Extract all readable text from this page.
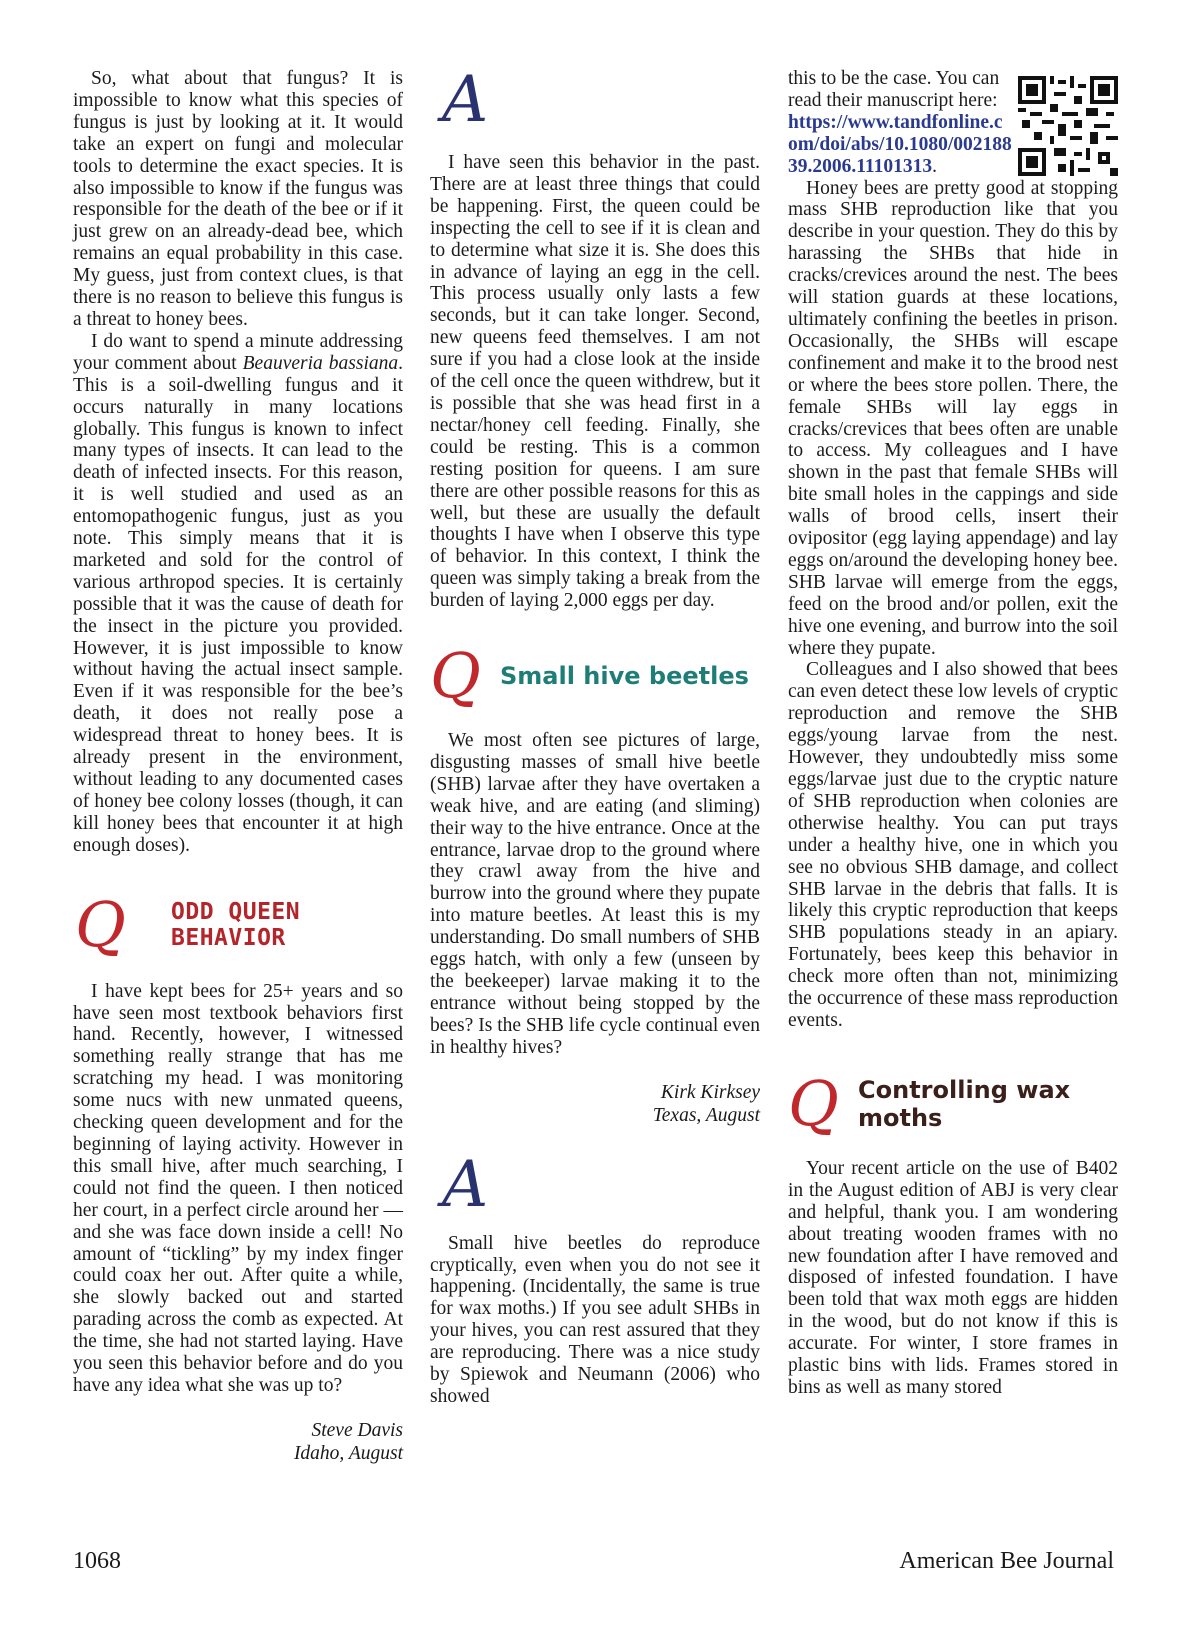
So, what about that fungus? It is impossible to know what this species of fungus is just by looking at it. It would take an expert on fungi and molecular tools to determine the exact species. It is also impossible to know if the fungus was responsible for the death of the bee or if it just grew on an already-dead bee, which remains an equal probability in this case. My guess, just from context clues, is that there is no reason to believe this fungus is a threat to honey bees.

I do want to spend a minute addressing your comment about Beauveria bassiana. This is a soil-dwelling fungus and it occurs naturally in many locations globally. This fungus is known to infect many types of insects. It can lead to the death of infected insects. For this reason, it is well studied and used as an entomopathogenic fungus, just as you note. This simply means that it is marketed and sold for the control of various arthropod species. It is certainly possible that it was the cause of death for the insect in the picture you provided. However, it is just impossible to know without having the actual insect sample. Even if it was responsible for the bee’s death, it does not really pose a widespread threat to honey bees. It is already present in the environment, without leading to any documented cases of honey bee colony losses (though, it can kill honey bees that encounter it at high enough doses).

Q	ODD QUEEN BEHAVIOR

I have kept bees for 25+ years and so have seen most textbook behaviors first hand. Recently, however, I witnessed something really strange that has me scratching my head. I was monitoring some nucs with new unmated queens, checking queen development and for the beginning of laying activity. However in this small hive, after much searching, I could not find the queen. I then noticed her court, in a perfect circle around her — and she was face down inside a cell! No amount of “tickling” by my index finger could coax her out. After quite a while, she slowly backed out and started parading across the comb as expected. At the time, she had not started laying. Have you seen this behavior before and do you have any idea what she was up to?

Steve Davis

Idaho, August

A

I have seen this behavior in the past. There are at least three things that could be happening. First, the queen could be inspecting the cell to see if it is clean and to determine what size it is. She does this in advance of laying an egg in the cell. This process usually only lasts a few seconds, but it can take longer. Second, new queens feed themselves. I am not sure if you had a close look at the inside of the cell once the queen withdrew, but it is possible that she was head first in a nectar/honey cell feeding. Finally, she could be resting. This is a common resting position for queens. I am sure there are other possible reasons for this as well, but these are usually the default thoughts I have when I observe this type of behavior. In this context, I think the queen was simply taking a break from the burden of laying 2,000 eggs per day.

Q Small hive beetles

We most often see pictures of large, disgusting masses of small hive beetle (SHB) larvae after they have overtaken a weak hive, and are eating (and sliming) their way to the hive entrance. Once at the entrance, larvae drop to the ground where they crawl away from the hive and burrow into the ground where they pupate into mature beetles. At least this is my understanding. Do small numbers of SHB eggs hatch, with only a few (unseen by the beekeeper) larvae making it to the entrance without being stopped by the bees? Is the SHB life cycle continual even in healthy hives?

Kirk Kirksey

Texas, August

A

Small hive beetles do reproduce cryptically, even when you do not see it happening. (Incidentally, the same is true for wax moths.) If you see adult SHBs in your hives, you can rest assured that they are reproducing. There was a nice study by Spiewok and Neumann (2006) who showed

this to be the case. You can read their manuscript here: https://www.tandfonline.com/doi/abs/10.1080/00218839.2006.11101313.

Honey bees are pretty good at stopping mass SHB reproduction like that you describe in your question. They do this by harassing the SHBs that hide in cracks/crevices around the nest. The bees will station guards at these locations, ultimately confining the beetles in prison. Occasionally, the SHBs will escape confinement and make it to the brood nest or where the bees store pollen. There, the female SHBs will lay eggs in cracks/crevices that bees often are unable to access. My colleagues and I have shown in the past that female SHBs will bite small holes in the cappings and side walls of brood cells, insert their ovipositor (egg laying appendage) and lay eggs on/around the developing honey bee. SHB larvae will emerge from the eggs, feed on the brood and/or pollen, exit the hive one evening, and burrow into the soil where they pupate.

Colleagues and I also showed that bees can even detect these low levels of cryptic reproduction and remove the SHB eggs/young larvae from the nest. However, they undoubtedly miss some eggs/larvae just due to the cryptic nature of SHB reproduction when colonies are otherwise healthy. You can put trays under a healthy hive, one in which you see no obvious SHB damage, and collect SHB larvae in the debris that falls. It is likely this cryptic reproduction that keeps SHB populations steady in an apiary. Fortunately, bees keep this behavior in check more often than not, minimizing the occurrence of these mass reproduction events.

Q Controlling wax moths

Your recent article on the use of B402 in the August edition of ABJ is very clear and helpful, thank you. I am wondering about treating wooden frames with no new foundation after I have removed and disposed of infested foundation. I have been told that wax moth eggs are hidden in the wood, but do not know if this is accurate. For winter, I store frames in plastic bins with lids. Frames stored in bins as well as many stored

1068	American Bee Journal
